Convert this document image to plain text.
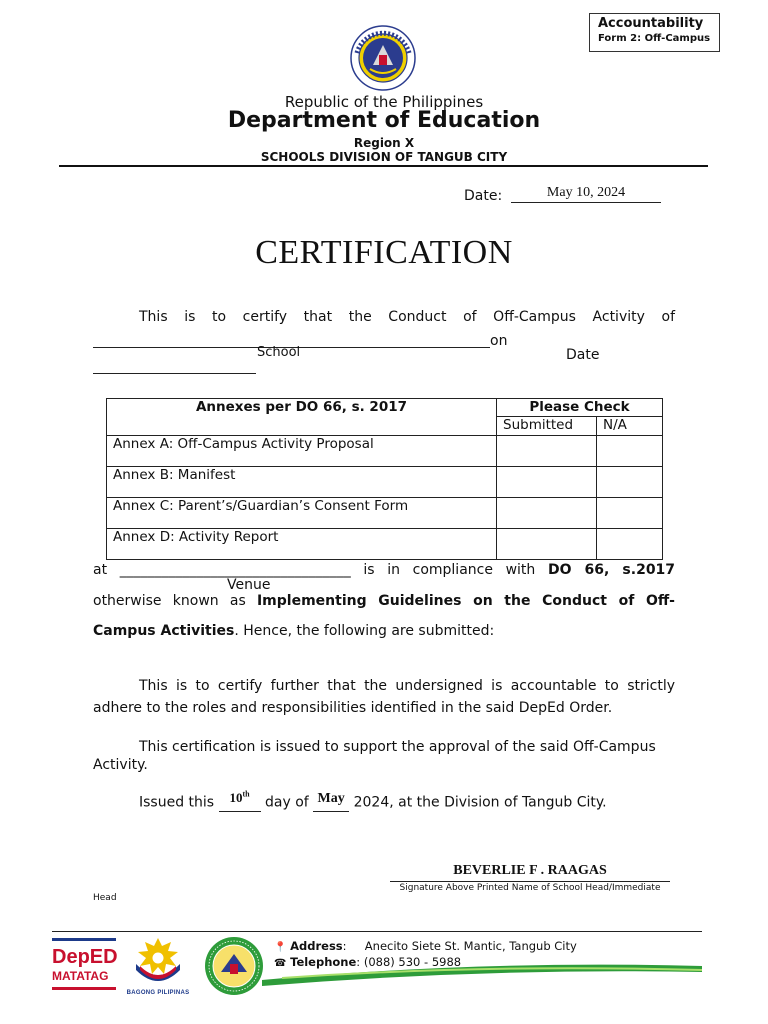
Accountability
Form 2: Off-Campus
Republic of the Philippines
Department of Education
Region X
SCHOOLS DIVISION OF TANGUB CITY
Date:	May 10, 2024
CERTIFICATION
This is to certify that the Conduct of Off-Campus Activity of
on
School	Date
Annexes per DO 66, s. 2017	Please Check	
	Submitted	N/A
Annex A: Off-Campus Activity Proposal		
Annex B: Manifest		
Annex C: Parent’s/Guardian’s Consent Form		
Annex D: Activity Report		
at _________________________________ is in compliance with DO 66, s.2017
Venue
otherwise known as Implementing Guidelines on the Conduct of Off-
Campus Activities. Hence, the following are submitted:
This is to certify further that the undersigned is accountable to strictly adhere to the roles and responsibilities identified in the said DepEd Order.
This certification is issued to support the approval of the said Off-Campus Activity.
Issued this 10th day of May 2024, at the Division of Tangub City.
BEVERLIE F . RAAGAS
Signature Above Printed Name of School Head/Immediate
Head
DepED
MATATAG
BAGONG PILIPINAS
📍 Address:     Anecito Siete St. Mantic, Tangub City
☎ Telephone: (088) 530 - 5988
